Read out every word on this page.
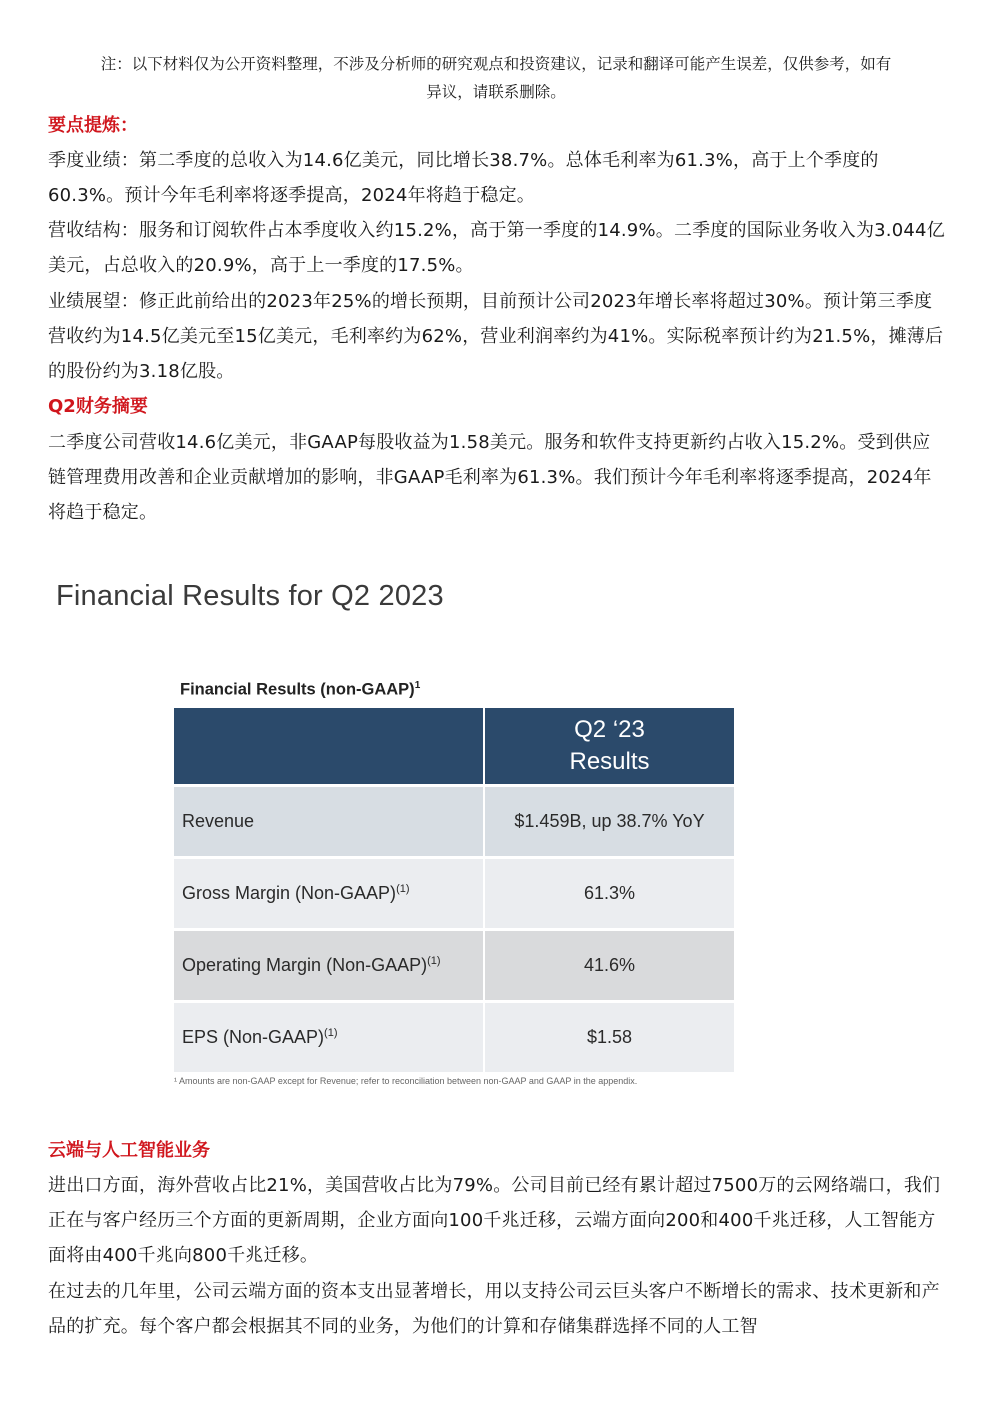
注：以下材料仅为公开资料整理，不涉及分析师的研究观点和投资建议，记录和翻译可能产生误差，仅供参考，如有
异议，请联系删除。
要点提炼：
季度业绩：第二季度的总收入为14.6亿美元，同比增长38.7%。总体毛利率为61.3%，高于上个季度的60.3%。预计今年毛利率将逐季提高，2024年将趋于稳定。
营收结构：服务和订阅软件占本季度收入约15.2%，高于第一季度的14.9%。二季度的国际业务收入为3.044亿美元，占总收入的20.9%，高于上一季度的17.5%。
业绩展望：修正此前给出的2023年25%的增长预期，目前预计公司2023年增长率将超过30%。预计第三季度营收约为14.5亿美元至15亿美元，毛利率约为62%，营业利润率约为41%。实际税率预计约为21.5%，摊薄后的股份约为3.18亿股。
Q2财务摘要
二季度公司营收14.6亿美元，非GAAP每股收益为1.58美元。服务和软件支持更新约占收入15.2%。受到供应链管理费用改善和企业贡献增加的影响，非GAAP毛利率为61.3%。我们预计今年毛利率将逐季提高，2024年将趋于稳定。
Financial Results for Q2 2023
Financial Results (non-GAAP)$^1$

	Q2 ‘23
Results

Revenue	$1.459B, up 38.7% YoY
Gross Margin (Non-GAAP)$^{(1)}$	61.3%
Operating Margin (Non-GAAP)$^{(1)}$	41.6%
EPS (Non-GAAP)$^{(1)}$	$1.58
¹ Amounts are non-GAAP except for Revenue; refer to reconciliation between non-GAAP and GAAP in the appendix.
云端与人工智能业务
进出口方面，海外营收占比21%，美国营收占比为79%。公司目前已经有累计超过7500万的云网络端口，我们正在与客户经历三个方面的更新周期，企业方面向100千兆迁移，云端方面向200和400千兆迁移，人工智能方面将由400千兆向800千兆迁移。
在过去的几年里，公司云端方面的资本支出显著增长，用以支持公司云巨头客户不断增长的需求、技术更新和产品的扩充。每个客户都会根据其不同的业务，为他们的计算和存储集群选择不同的人工智
